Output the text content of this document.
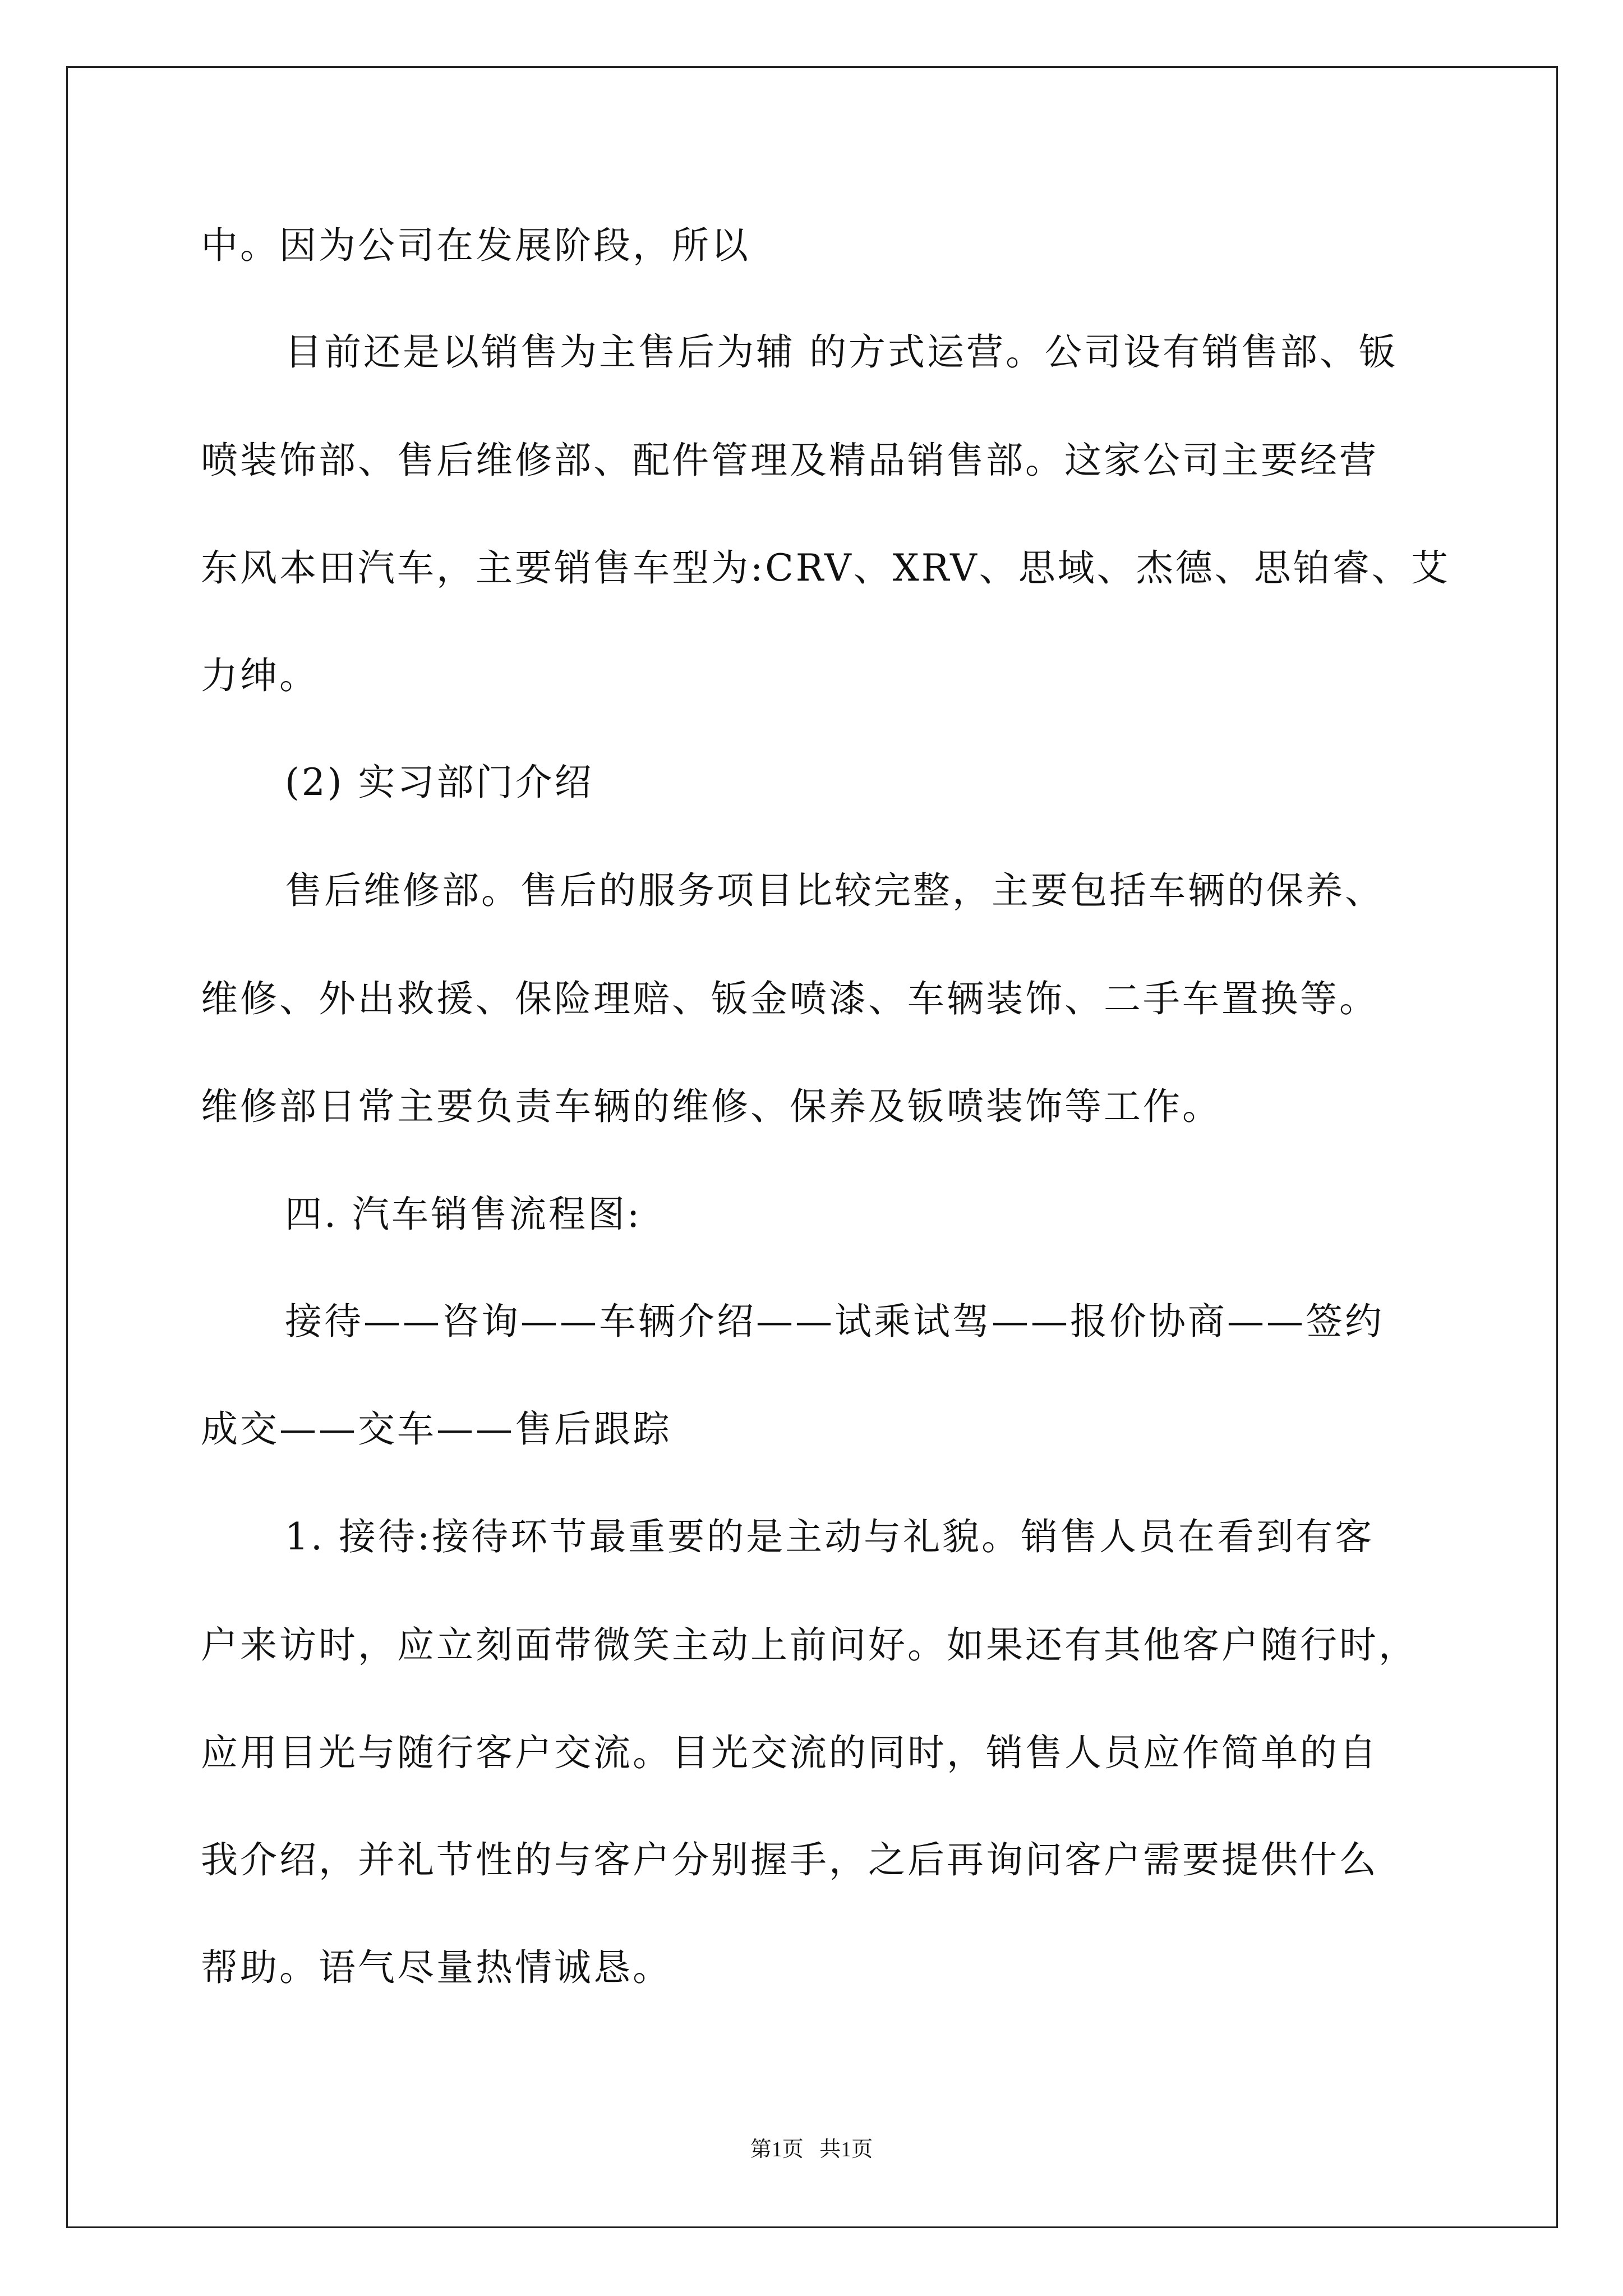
中。因为公司在发展阶段，所以
目前还是以销售为主售后为辅 的方式运营。公司设有销售部、钣
喷装饰部、售后维修部、配件管理及精品销售部。这家公司主要经营
东风本田汽车，主要销售车型为:CRV、XRV、思域、杰德、思铂睿、艾
力绅。
(2) 实习部门介绍
售后维修部。售后的服务项目比较完整，主要包括车辆的保养、
维修、外出救援、保险理赔、钣金喷漆、车辆装饰、二手车置换等。
维修部日常主要负责车辆的维修、保养及钣喷装饰等工作。
四. 汽车销售流程图:
接待——咨询——车辆介绍——试乘试驾——报价协商——签约
成交——交车——售后跟踪
1. 接待:接待环节最重要的是主动与礼貌。销售人员在看到有客
户来访时，应立刻面带微笑主动上前问好。如果还有其他客户随行时，
应用目光与随行客户交流。目光交流的同时，销售人员应作简单的自
我介绍，并礼节性的与客户分别握手，之后再询问客户需要提供什么
帮助。语气尽量热情诚恳。
第1页   共1页
